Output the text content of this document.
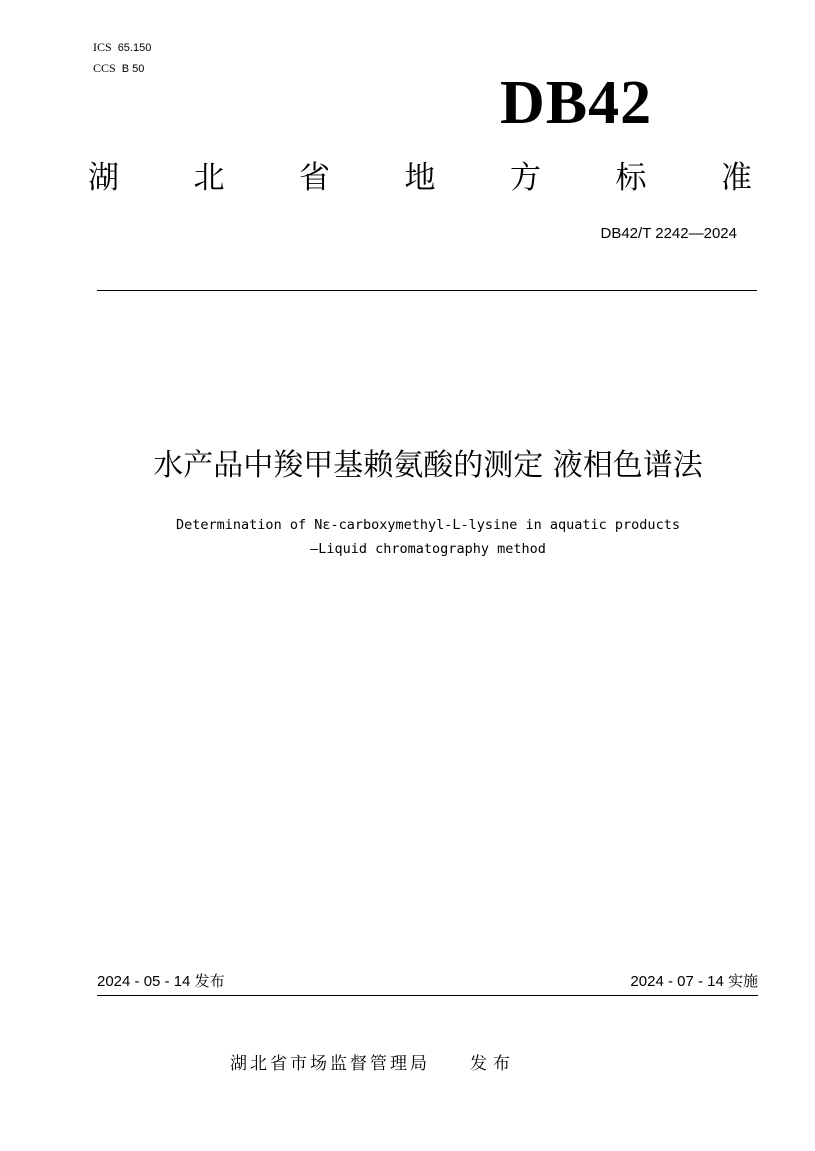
ICS 65.150
CCS B 50	DB42
湖 北 省 地 方 标 准
DB42/T 2242—2024
水产品中羧甲基赖氨酸的测定 液相色谱法
Determination of Nε-carboxymethyl-L-lysine in aquatic products
—Liquid chromatography method
2024 - 05 - 14 发布	2024 - 07 - 14 实施
湖北省市场监督管理局 发布
